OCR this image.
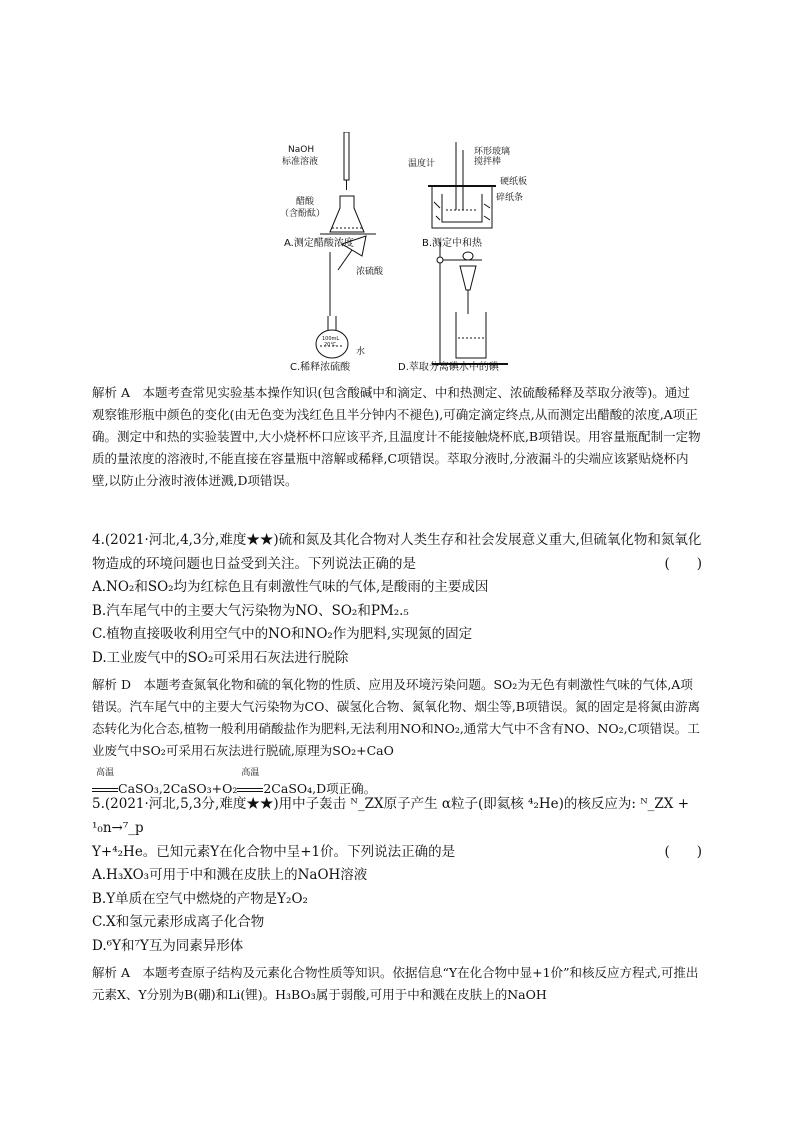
NaOH
标准溶液
醋酸
（含酚酞）
A.测定醋酸浓度
温度计
环形玻璃
搅拌棒
硬纸板
碎纸条
B.测定中和热
浓硫酸
100mL
20℃
水
C.稀释浓硫酸	D.萃取分离碘水中的碘

解析 A　本题考查常见实验基本操作知识(包含酸碱中和滴定、中和热测定、浓硫酸稀释及萃取分液等)。通过观察锥形瓶中颜色的变化(由无色变为浅红色且半分钟内不褪色),可确定滴定终点,从而测定出醋酸的浓度,A项正确。测定中和热的实验装置中,大小烧杯杯口应该平齐,且温度计不能接触烧杯底,B项错误。用容量瓶配制一定物质的量浓度的溶液时,不能直接在容量瓶中溶解或稀释,C项错误。萃取分液时,分液漏斗的尖端应该紧贴烧杯内壁,以防止分液时液体迸溅,D项错误。

4.(2021·河北,4,3分,难度★★)硫和氮及其化合物对人类生存和社会发展意义重大,但硫氧化物和氮氧化物造成的环境问题也日益受到关注。下列说法正确的是	(　　)

A.NO₂和SO₂均为红棕色且有刺激性气味的气体,是酸雨的主要成因

B.汽车尾气中的主要大气污染物为NO、SO₂和PM₂.₅

C.植物直接吸收利用空气中的NO和NO₂作为肥料,实现氮的固定

D.工业废气中的SO₂可采用石灰法进行脱除

解析 D　本题考查氮氧化物和硫的氧化物的性质、应用及环境污染问题。SO₂为无色有刺激性气味的气体,A项错误。汽车尾气中的主要大气污染物为CO、碳氢化合物、氮氧化物、烟尘等,B项错误。氮的固定是将氮由游离态转化为化合态,植物一般利用硝酸盐作为肥料,无法利用NO和NO₂,通常大气中不含有NO、NO₂,C项错误。工业废气中SO₂可采用石灰法进行脱硫,原理为SO₂+CaO

高温
CaSO₃,2CaSO₃+O₂
高温
2CaSO₄,D项正确。

5.(2021·河北,5,3分,难度★★)用中子轰击 ᴺ_ZX原子产生 α粒子(即氦核 ⁴₂He)的核反应为: ᴺ_ZX + ¹₀n→⁷_p

Y+⁴₂He。已知元素Y在化合物中呈+1价。下列说法正确的是	(　　)

A.H₃XO₃可用于中和溅在皮肤上的NaOH溶液

B.Y单质在空气中燃烧的产物是Y₂O₂

C.X和氢元素形成离子化合物

D.⁶Y和⁷Y互为同素异形体

解析 A　本题考查原子结构及元素化合物性质等知识。依据信息“Y在化合物中显+1价”和核反应方程式,可推出元素X、Y分别为B(硼)和Li(锂)。H₃BO₃属于弱酸,可用于中和溅在皮肤上的NaOH
